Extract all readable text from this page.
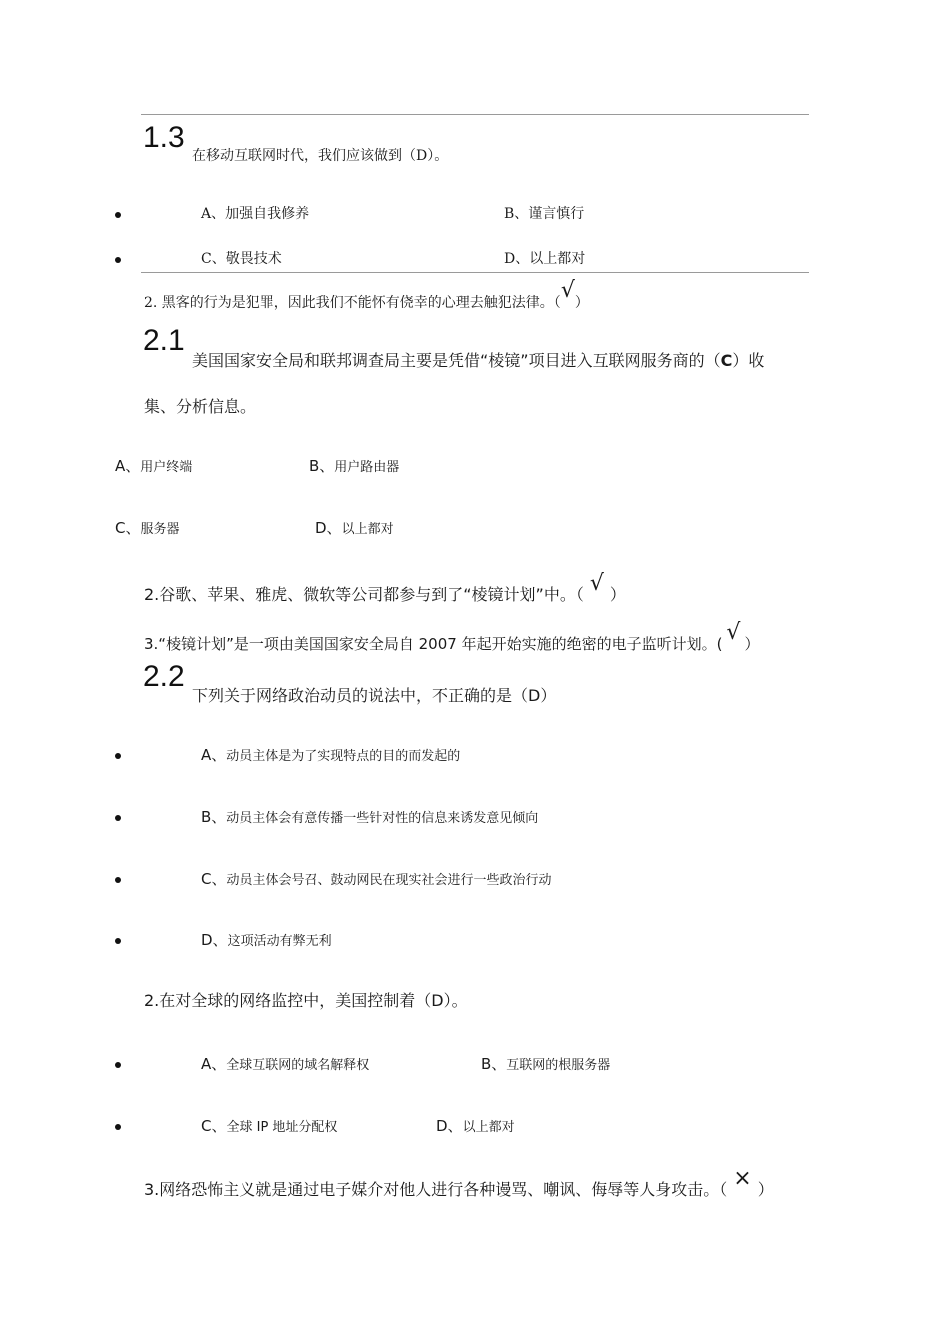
1.3
在移动互联网时代，我们应该做到（D）。
A、加强自我修养	B、谨言慎行
C、敬畏技术	D、以上都对
2. 黑客的行为是犯罪，因此我们不能怀有侥幸的心理去触犯法律。（√）
2.1
美国国家安全局和联邦调查局主要是凭借“棱镜”项目进入互联网服务商的（C）收
集、分析信息。
A、用户终端	B、用户路由器
C、服务器	D、以上都对
2.谷歌、苹果、雅虎、微软等公司都参与到了“棱镜计划”中。（ √ ）
3.“棱镜计划”是一项由美国国家安全局自 2007 年起开始实施的绝密的电子监听计划。( √ ）
2.2
下列关于网络政治动员的说法中，不正确的是（D）
A、动员主体是为了实现特点的目的而发起的
B、动员主体会有意传播一些针对性的信息来诱发意见倾向
C、动员主体会号召、鼓动网民在现实社会进行一些政治行动
D、这项活动有弊无利
2.在对全球的网络监控中，美国控制着（D）。
A、全球互联网的域名解释权	B、互联网的根服务器
C、全球 IP 地址分配权	D、以上都对
3.网络恐怖主义就是通过电子媒介对他人进行各种谩骂、嘲讽、侮辱等人身攻击。（ × ）
